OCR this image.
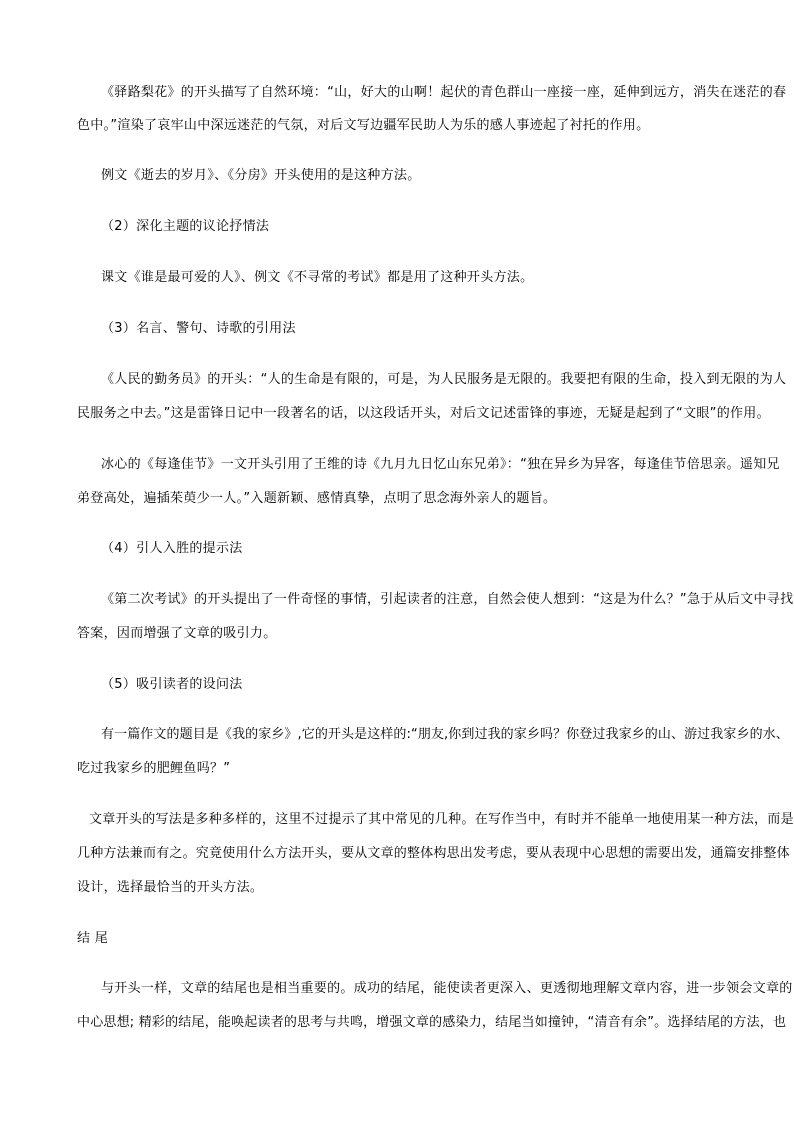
《驿路梨花》的开头描写了自然环境：“山，好大的山啊！起伏的青色群山一座接一座，延伸到远方，消失在迷茫的春
色中。”渲染了哀牢山中深远迷茫的气氛，对后文写边疆军民助人为乐的感人事迹起了衬托的作用。
例文《逝去的岁月》、《分房》开头使用的是这种方法。
（2）深化主题的议论抒情法
课文《谁是最可爱的人》、例文《不寻常的考试》都是用了这种开头方法。
（3）名言、警句、诗歌的引用法
《人民的勤务员》的开头：“人的生命是有限的，可是，为人民服务是无限的。我要把有限的生命，投入到无限的为人
民服务之中去。”这是雷锋日记中一段著名的话，以这段话开头，对后文记述雷锋的事迹，无疑是起到了“文眼”的作用。
冰心的《每逢佳节》一文开头引用了王维的诗《九月九日忆山东兄弟》：“独在异乡为异客，每逢佳节倍思亲。遥知兄
弟登高处，遍插茱萸少一人。”入题新颖、感情真挚，点明了思念海外亲人的题旨。
（4）引人入胜的提示法
《第二次考试》的开头提出了一件奇怪的事情，引起读者的注意，自然会使人想到：“这是为什么？”急于从后文中寻找
答案，因而增强了文章的吸引力。
（5）吸引读者的设问法
有一篇作文的题目是《我的家乡》,它的开头是这样的:“朋友,你到过我的家乡吗？你登过我家乡的山、游过我家乡的水、
吃过我家乡的肥鲤鱼吗？”
文章开头的写法是多种多样的，这里不过提示了其中常见的几种。在写作当中，有时并不能单一地使用某一种方法，而是
几种方法兼而有之。究竟使用什么方法开头，要从文章的整体构思出发考虑，要从表现中心思想的需要出发，通篇安排整体
设计，选择最恰当的开头方法。
结 尾
与开头一样，文章的结尾也是相当重要的。成功的结尾，能使读者更深入、更透彻地理解文章内容，进一步领会文章的
中心思想; 精彩的结尾，能唤起读者的思考与共鸣，增强文章的感染力，结尾当如撞钟，“清音有余”。选择结尾的方法，也
